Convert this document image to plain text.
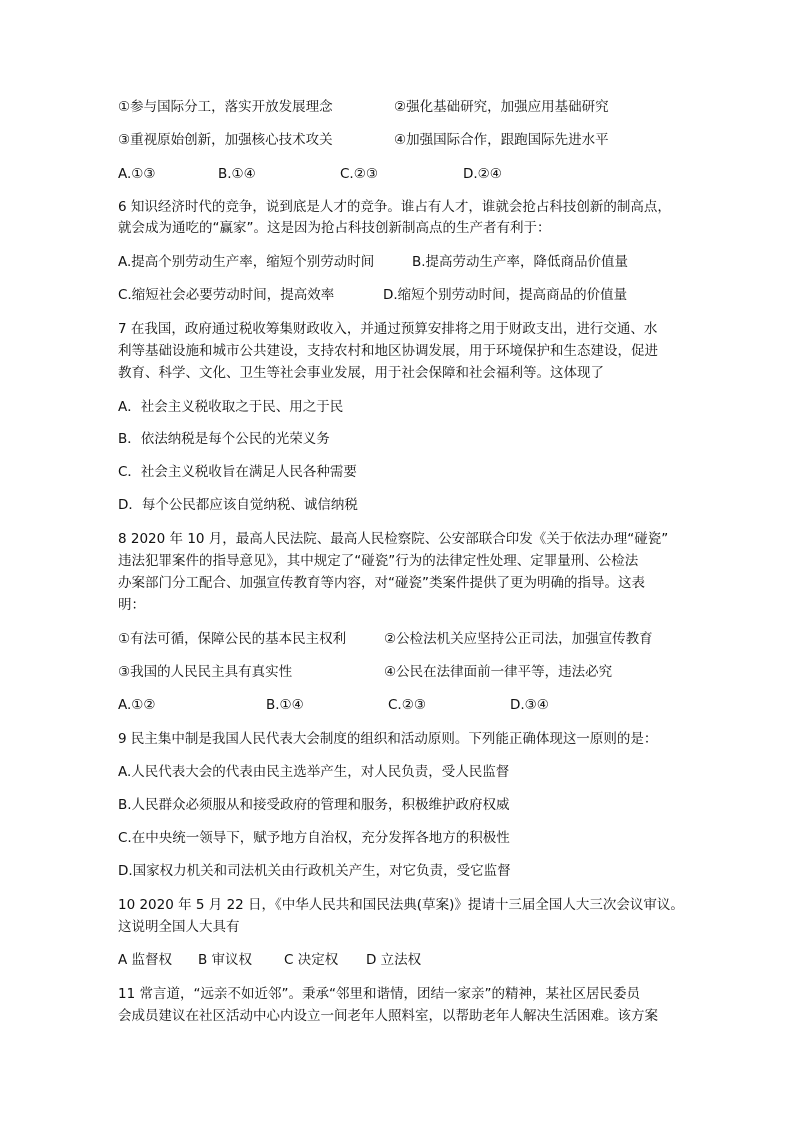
①参与国际分工，落实开放发展理念	②强化基础研究，加强应用基础研究
③重视原始创新，加强核心技术攻关	④加强国际合作，跟跑国际先进水平
A.①③	B.①④	C.②③	D.②④
6 知识经济时代的竞争，说到底是人才的竞争。谁占有人才，谁就会抢占科技创新的制高点，
就会成为通吃的“赢家”。这是因为抢占科技创新制高点的生产者有利于：
A.提高个别劳动生产率，缩短个别劳动时间	B.提高劳动生产率，降低商品价值量
C.缩短社会必要劳动时间，提高效率	D.缩短个别劳动时间，提高商品的价值量
7 在我国，政府通过税收筹集财政收入，并通过预算安排将之用于财政支出，进行交通、水
利等基础设施和城市公共建设，支持农村和地区协调发展，用于环境保护和生态建设，促进
教育、科学、文化、卫生等社会事业发展，用于社会保障和社会福利等。这体现了
A．社会主义税收取之于民、用之于民
B．依法纳税是每个公民的光荣义务
C．社会主义税收旨在满足人民各种需要
D．每个公民都应该自觉纳税、诚信纳税
8 2020 年 10 月，最高人民法院、最高人民检察院、公安部联合印发《关于依法办理“碰瓷”
违法犯罪案件的指导意见》，其中规定了“碰瓷”行为的法律定性处理、定罪量刑、公检法
办案部门分工配合、加强宣传教育等内容，对“碰瓷”类案件提供了更为明确的指导。这表
明：
①有法可循，保障公民的基本民主权利	②公检法机关应坚持公正司法，加强宣传教育
③我国的人民民主具有真实性	④公民在法律面前一律平等，违法必究
A.①②	B.①④	C.②③	D.③④
9 民主集中制是我国人民代表大会制度的组织和活动原则。下列能正确体现这一原则的是：
A.人民代表大会的代表由民主选举产生，对人民负责，受人民监督
B.人民群众必须服从和接受政府的管理和服务，积极维护政府权威
C.在中央统一领导下，赋予地方自治权，充分发挥各地方的积极性
D.国家权力机关和司法机关由行政机关产生，对它负责，受它监督
10 2020 年 5 月 22 日，《中华人民共和国民法典(草案)》提请十三届全国人大三次会议审议。
这说明全国人大具有
A 监督权 B 审议权 C 决定权 D 立法权
11 常言道，“远亲不如近邻”。秉承“邻里和谐情，团结一家亲”的精神，某社区居民委员
会成员建议在社区活动中心内设立一间老年人照料室，以帮助老年人解决生活困难。该方案
